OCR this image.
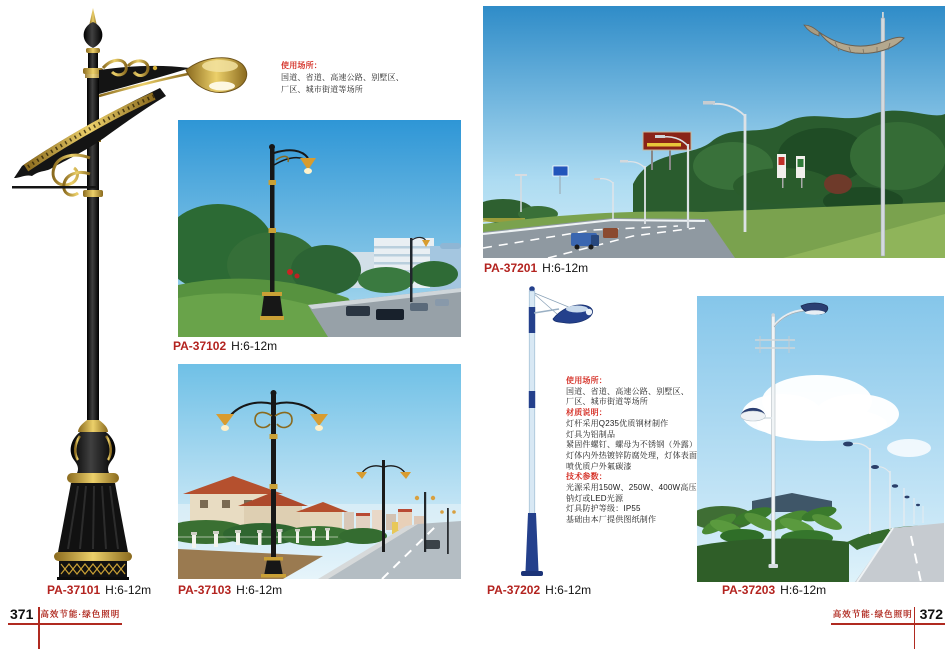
使用场所：
国道、省道、高速公路、别墅区、
厂区、城市街道等场所
PA-37102 H:6-12m
PA-37101 H:6-12m PA-37103 H:6-12m
371 高效节能·绿色照明
PA-37201 H:6-12m
使用场所：
国道、省道、高速公路、别墅区、
厂区、城市街道等场所
材质说明：
灯杆采用Q235优质钢材制作
灯具为铝制品
紧固件螺钉、螺母为不锈钢（外露）
灯体内外热镀锌防腐处理，灯体表面
喷优质户外氟碳漆
技术参数：
光源采用150W、250W、400W高压
钠灯或LED光源
灯具防护等级：IP55
基础由本厂提供图纸制作
PA-37202 H:6-12m	PA-37203 H:6-12m
高效节能·绿色照明 372
